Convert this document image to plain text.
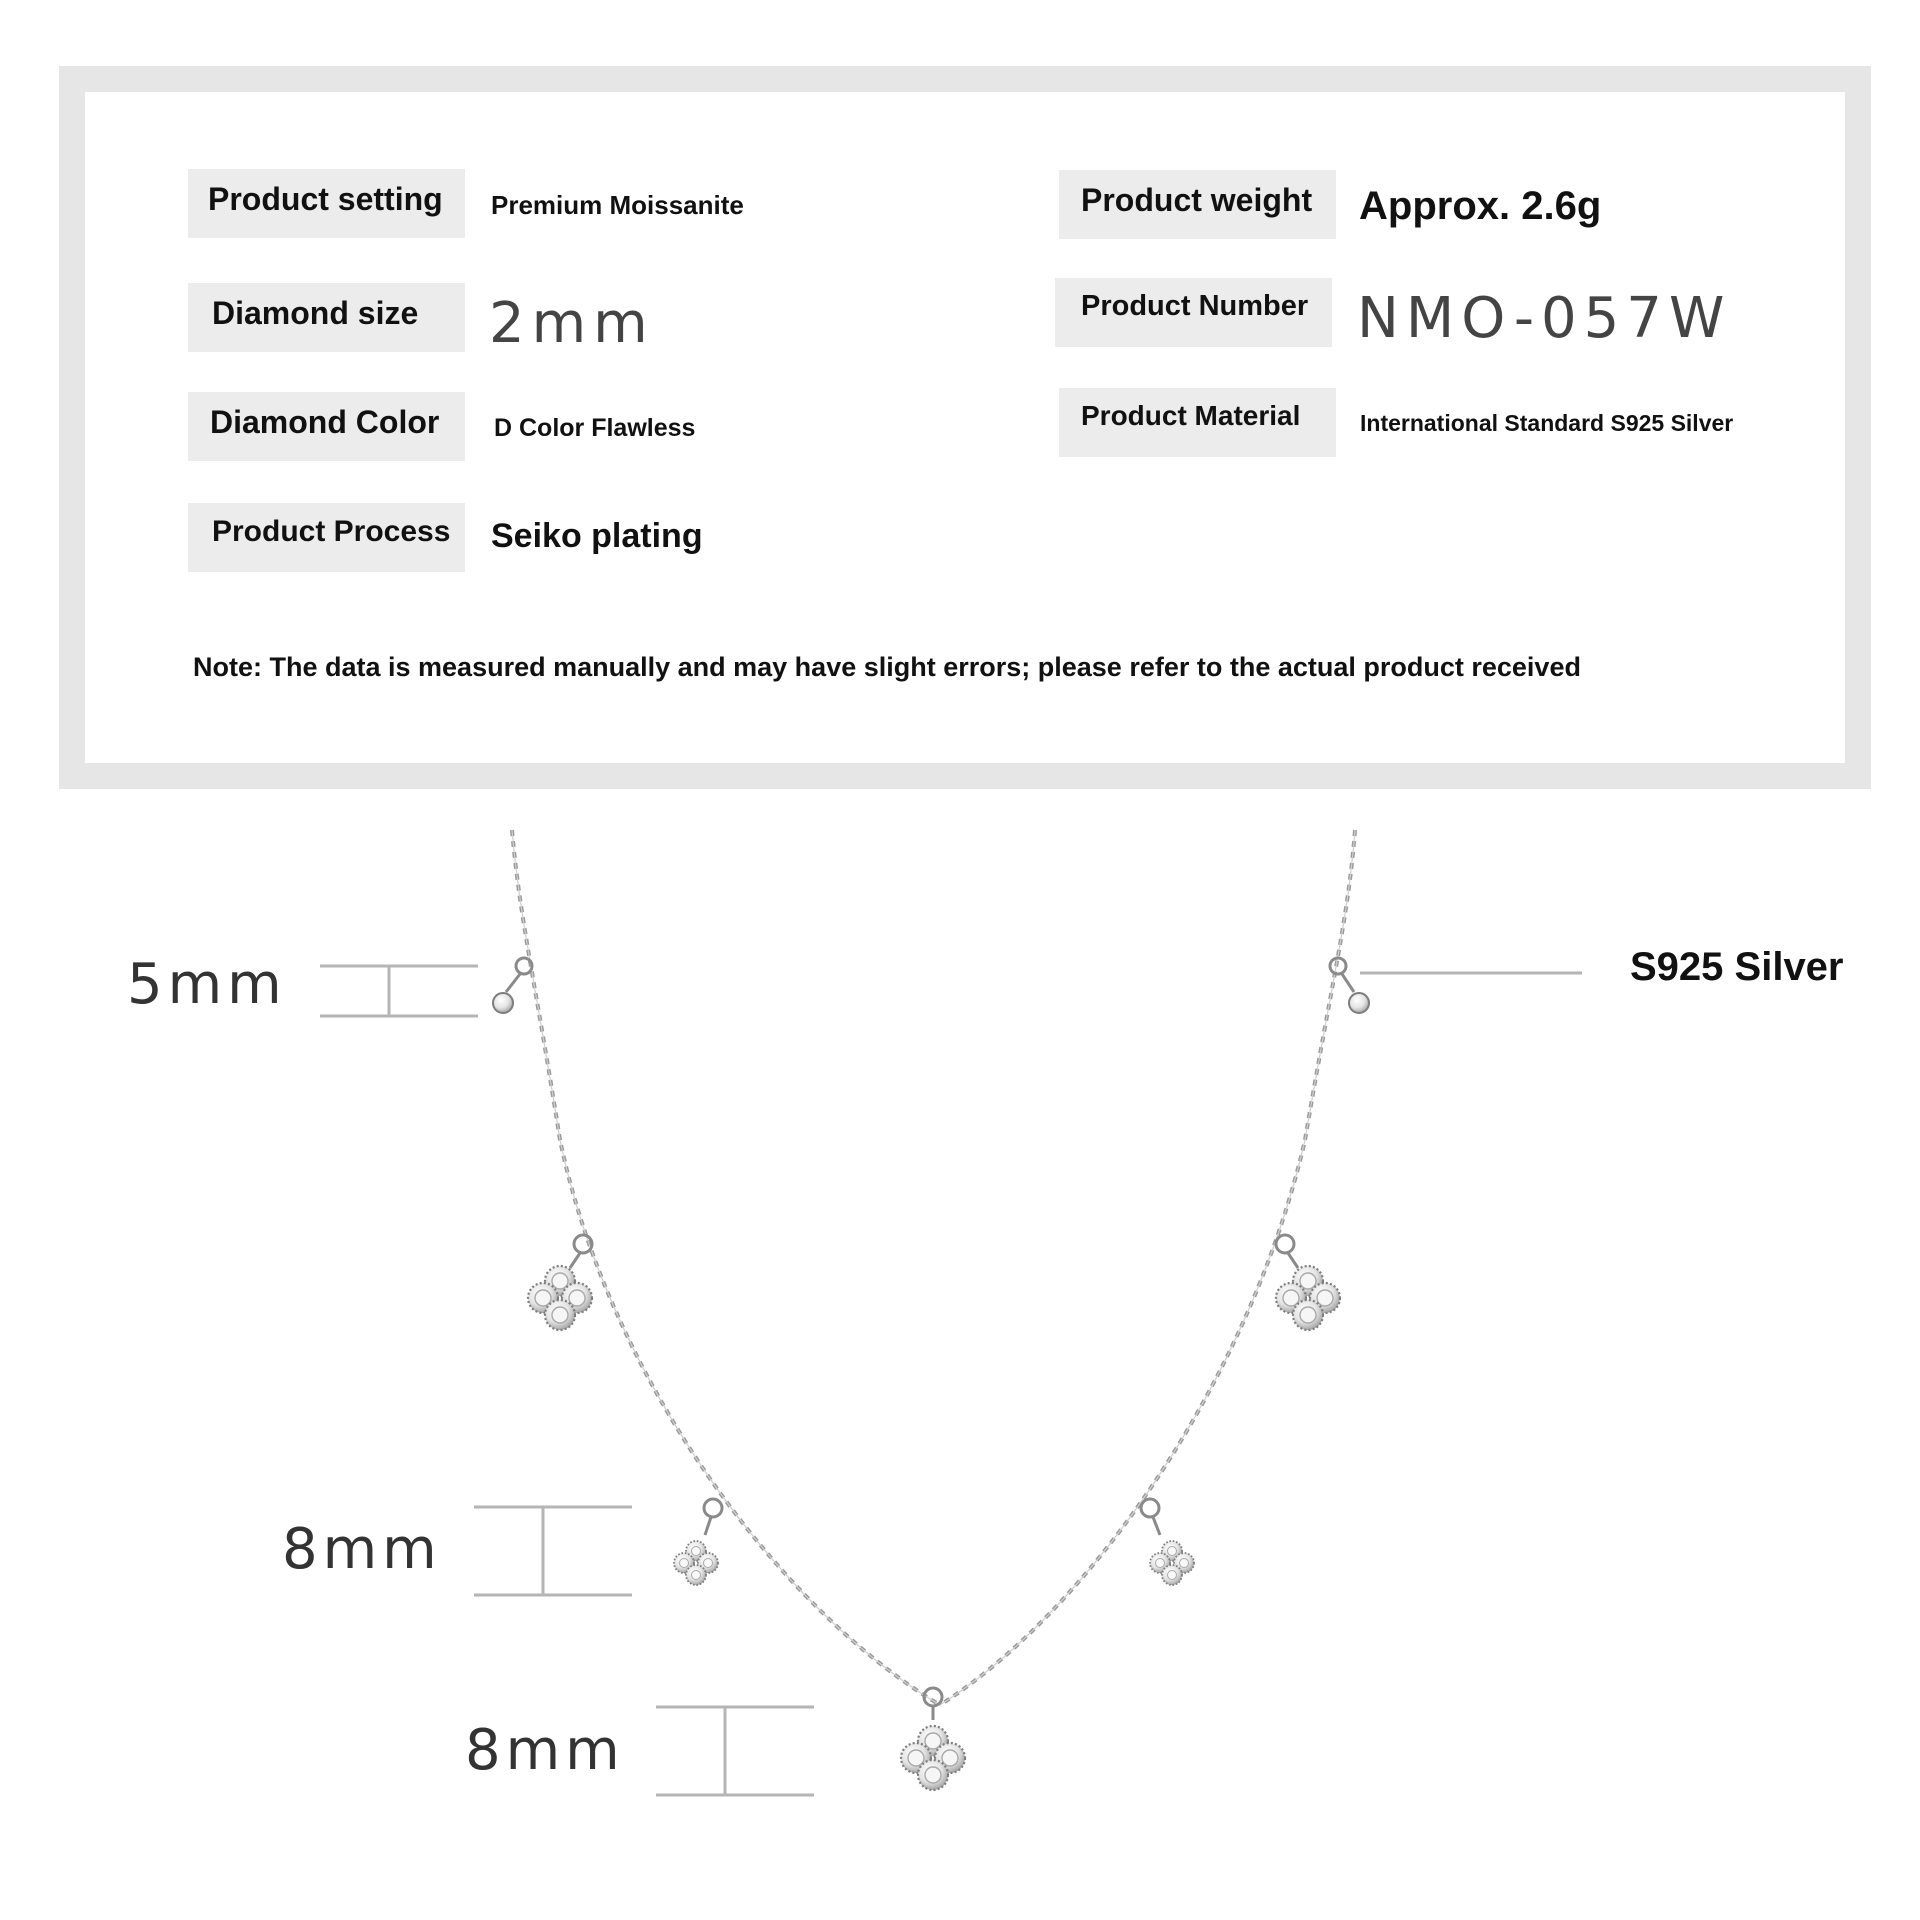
Product setting	Premium Moissanite
Diamond size	2mm
Diamond Color	D Color Flawless
Product Process	Seiko plating
Product weight	Approx. 2.6g
Product Number NMO-057W
Product Material	International Standard S925 Silver
Note: The data is measured manually and may have slight errors; please refer to the actual product received
5mm
8mm
8mm
S925 Silver
